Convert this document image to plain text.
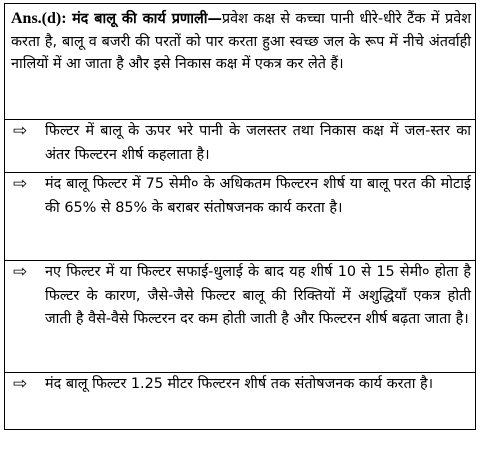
Ans.(d): मंद बालू की कार्य प्रणाली—प्रवेश कक्ष से कच्चा पानी धीरे-धीरे टैंक में प्रवेश करता है, बालू व बजरी की परतों को पार करता हुआ स्वच्छ जल के रूप में नीचे अंतर्वाही नालियों में आ जाता है और इसे निकास कक्ष में एकत्र कर लेते हैं।
⇨	फिल्टर में बालू के ऊपर भरे पानी के जलस्तर तथा निकास कक्ष में जल-स्तर का अंतर फिल्टरन शीर्ष कहलाता है।
⇨	मंद बालू फिल्टर में 75 सेमी० के अधिकतम फिल्टरन शीर्ष या बालू परत की मोटाई की 65% से 85% के बराबर संतोषजनक कार्य करता है।
⇨	नए फिल्टर में या फिल्टर सफाई-धुलाई के बाद यह शीर्ष 10 से 15 सेमी० होता है फिल्टर के कारण, जैसे-जैसे फिल्टर बालू की रिक्तियों में अशुद्धियाँ एकत्र होती जाती है वैसे-वैसे फिल्टरन दर कम होती जाती है और फिल्टरन शीर्ष बढ़ता जाता है।
⇨	मंद बालू फिल्टर 1.25 मीटर फिल्टरन शीर्ष तक संतोषजनक कार्य करता है।
